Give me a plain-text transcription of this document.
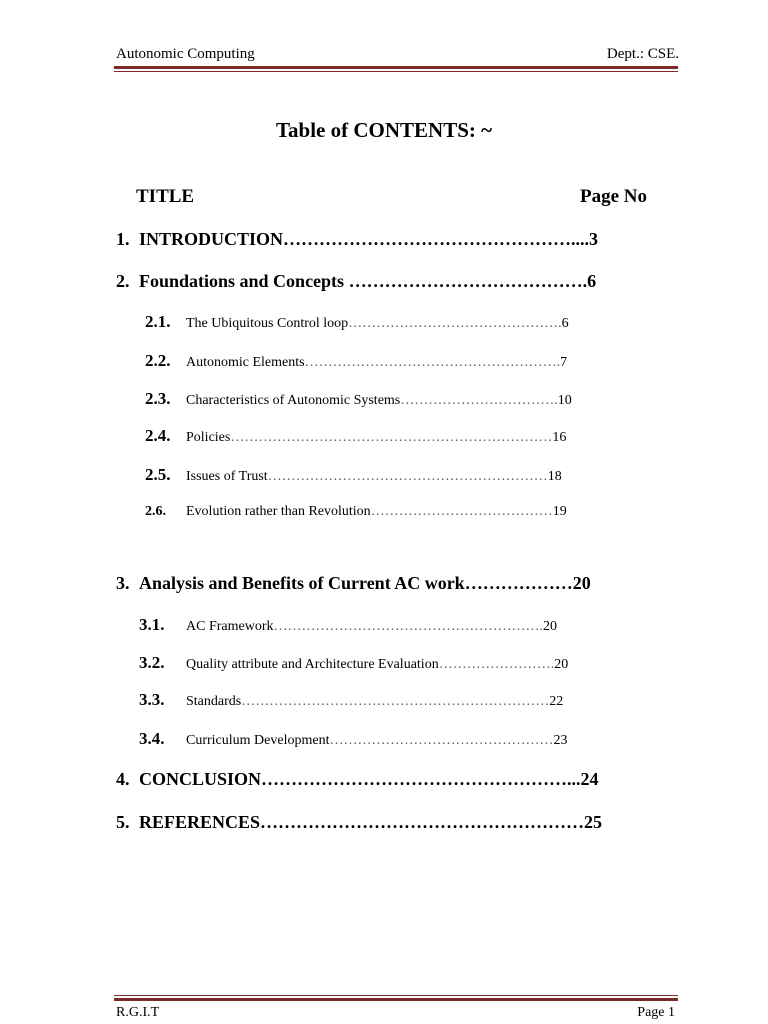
Autonomic Computing	Dept.: CSE.
Table of CONTENTS: ~
TITLE	Page No
1. INTRODUCTION…………………………………………....3
2. Foundations and Concepts ………………………………….6
2.1. The Ubiquitous Control loop……………………………………….6
2.2. Autonomic Elements……………………………………………….7
2.3. Characteristics of Autonomic Systems…………………………….10
2.4. Policies……………………………………………………………16
2.5. Issues of Trust……………………………………………………18
2.6. Evolution rather than Revolution…………………………………19
3. Analysis and Benefits of Current AC work………………20
3.1. AC Framework………………………………………………….20
3.2. Quality attribute and Architecture Evaluation…………………….20
3.3. Standards…………………………………………………………22
3.4. Curriculum Development…………………………………………23
4. CONCLUSION……………………………………………...24
5. REFERENCES………………………………………………25
R.G.I.T	Page 1
